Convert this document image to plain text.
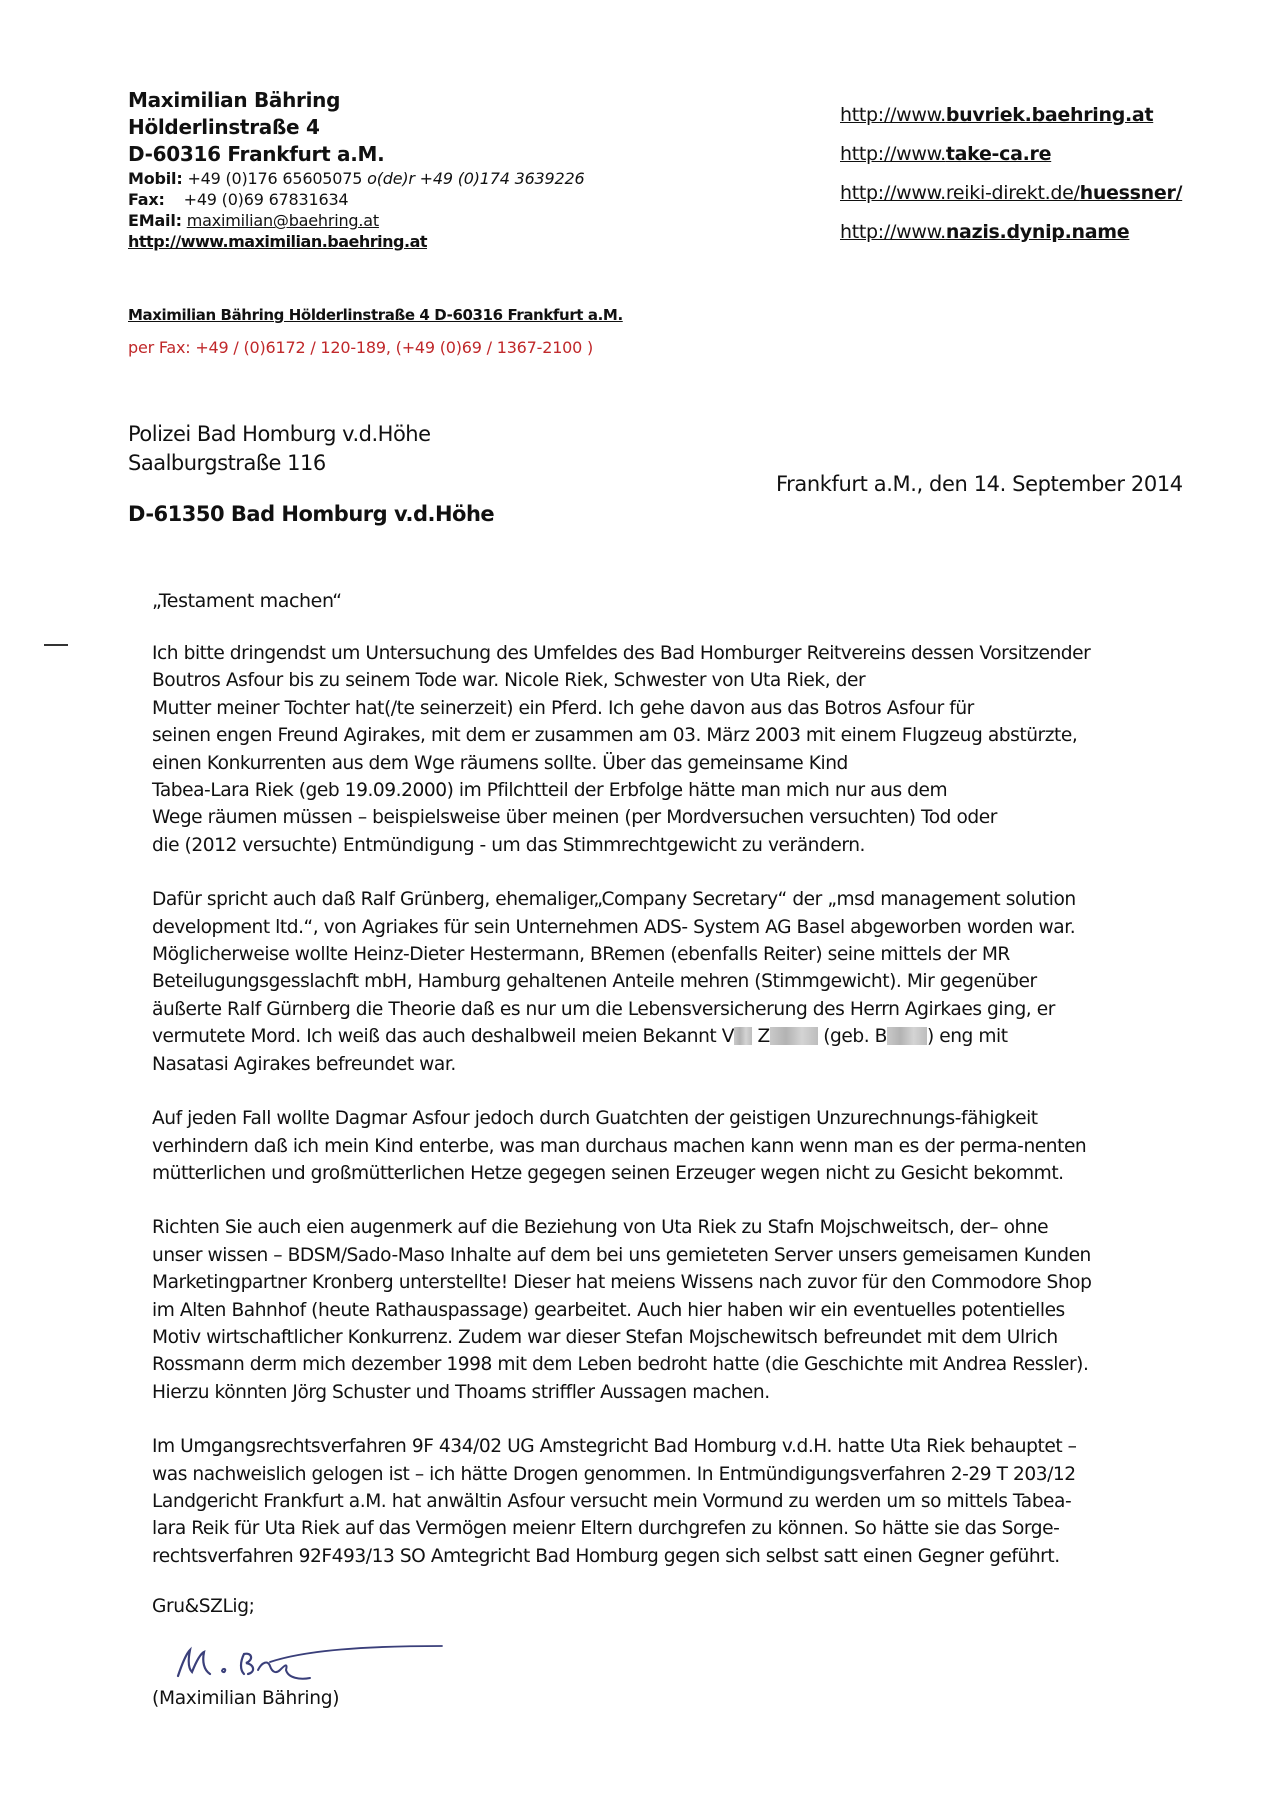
Maximilian Bähring
Hölderlinstraße 4
D-60316 Frankfurt a.M.
Mobil: +49 (0)176 65605075 o(de)r +49 (0)174 3639226
Fax: +49 (0)69 67831634
EMail: maximilian@baehring.at
http://www.maximilian.baehring.at
http://www.buvriek.baehring.at
http://www.take-ca.re
http://www.reiki-direkt.de/huessner/
http://www.nazis.dynip.name
Maximilian Bähring Hölderlinstraße 4 D-60316 Frankfurt a.M.
per Fax: +49 / (0)6172 / 120-189, (+49 (0)69 / 1367-2100 )
Polizei Bad Homburg v.d.Höhe
Saalburgstraße 116
D-61350 Bad Homburg v.d.Höhe
Frankfurt a.M., den 14. September 2014
„Testament machen“

Ich bitte dringendst um Untersuchung des Umfeldes des Bad Homburger Reitvereins dessen Vorsitzender
Boutros Asfour bis zu seinem Tode war. Nicole Riek, Schwester von Uta Riek, der
Mutter meiner Tochter hat(/te seinerzeit) ein Pferd. Ich gehe davon aus das Botros Asfour für
seinen engen Freund Agirakes, mit dem er zusammen am 03. März 2003 mit einem Flugzeug abstürzte,
einen Konkurrenten aus dem Wge räumens sollte. Über das gemeinsame Kind
Tabea-Lara Riek (geb 19.09.2000) im Pfilchtteil der Erbfolge hätte man mich nur aus dem
Wege räumen müssen – beispielsweise über meinen (per Mordversuchen versuchten) Tod oder
die (2012 versuchte) Entmündigung - um das Stimmrechtgewicht zu verändern.

Dafür spricht auch daß Ralf Grünberg, ehemaliger„Company Secretary“ der „msd management solution
development ltd.“, von Agriakes für sein Unternehmen ADS- System AG Basel abgeworben worden war.
Möglicherweise wollte Heinz-Dieter Hestermann, BRemen (ebenfalls Reiter) seine mittels der MR
Beteilugungsgesslachft mbH, Hamburg gehaltenen Anteile mehren (Stimmgewicht). Mir gegenüber
äußerte Ralf Gürnberg die Theorie daß es nur um die Lebensversicherung des Herrn Agirkaes ging, er
vermutete Mord. Ich weiß das auch deshalbweil meien Bekannt V Z	(geb. B ) eng mit
Nasatasi Agirakes befreundet war.

Auf jeden Fall wollte Dagmar Asfour jedoch durch Guatchten der geistigen Unzurechnungs-fähigkeit
verhindern daß ich mein Kind enterbe, was man durchaus machen kann wenn man es der perma-nenten
mütterlichen und großmütterlichen Hetze gegegen seinen Erzeuger wegen nicht zu Gesicht bekommt.

Richten Sie auch eien augenmerk auf die Beziehung von Uta Riek zu Stafn Mojschweitsch, der– ohne
unser wissen – BDSM/Sado-Maso Inhalte auf dem bei uns gemieteten Server unsers gemeisamen Kunden
Marketingpartner Kronberg unterstellte! Dieser hat meiens Wissens nach zuvor für den Commodore Shop
im Alten Bahnhof (heute Rathauspassage) gearbeitet. Auch hier haben wir ein eventuelles potentielles
Motiv wirtschaftlicher Konkurrenz. Zudem war dieser Stefan Mojschewitsch befreundet mit dem Ulrich
Rossmann derm mich dezember 1998 mit dem Leben bedroht hatte (die Geschichte mit Andrea Ressler).
Hierzu könnten Jörg Schuster und Thoams striffler Aussagen machen.

Im Umgangsrechtsverfahren 9F 434/02 UG Amstegricht Bad Homburg v.d.H. hatte Uta Riek behauptet –
was nachweislich gelogen ist – ich hätte Drogen genommen. In Entmündigungsverfahren 2-29 T 203/12
Landgericht Frankfurt a.M. hat anwältin Asfour versucht mein Vormund zu werden um so mittels Tabea-
lara Reik für Uta Riek auf das Vermögen meienr Eltern durchgrefen zu können. So hätte sie das Sorge-
rechtsverfahren 92F493/13 SO Amtegricht Bad Homburg gegen sich selbst satt einen Gegner geführt.

Gru&SZLig;
(Maximilian Bähring)
